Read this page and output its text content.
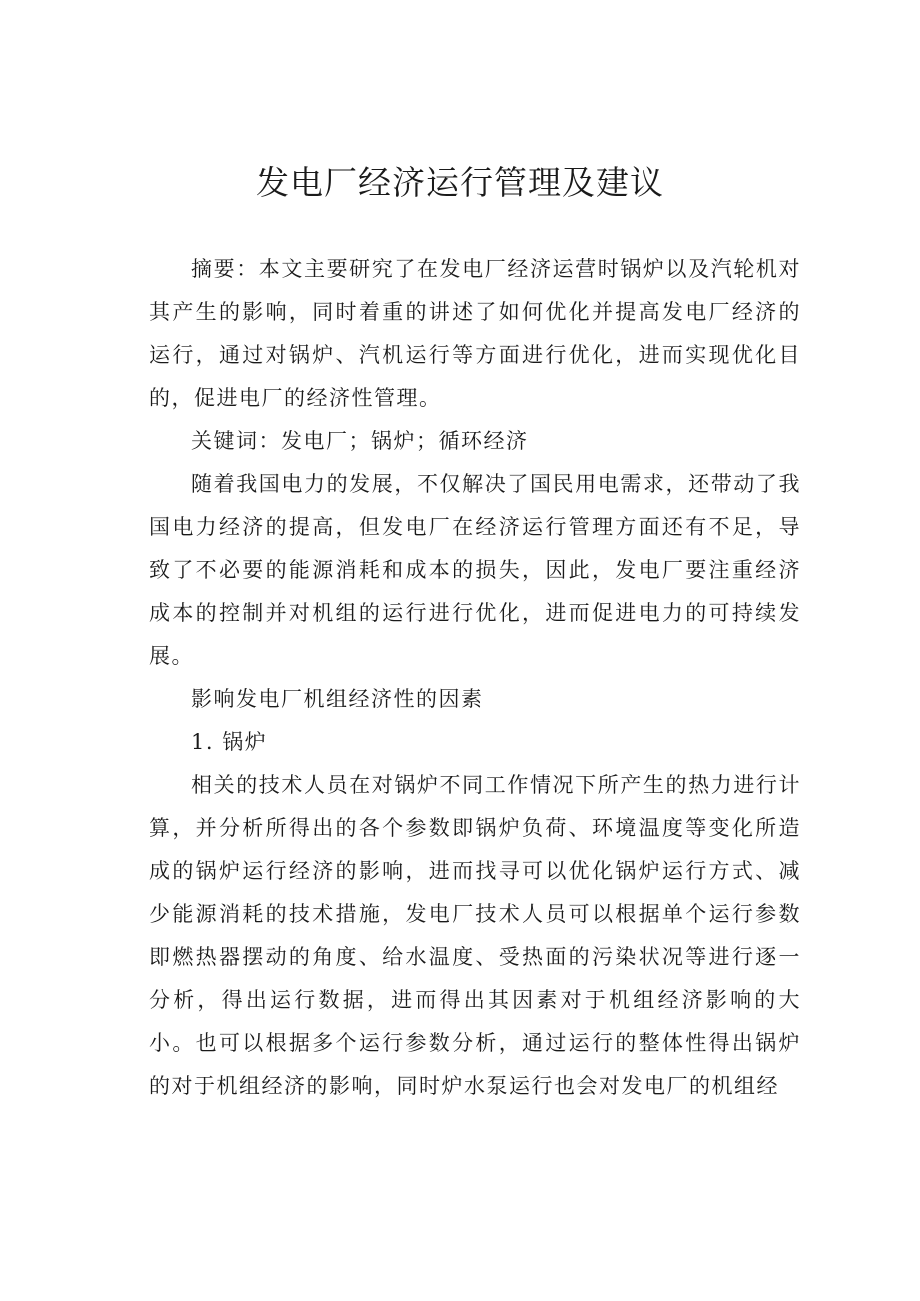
发电厂经济运行管理及建议

摘要：本文主要研究了在发电厂经济运营时锅炉以及汽轮机对其产生的影响，同时着重的讲述了如何优化并提高发电厂经济的运行，通过对锅炉、汽机运行等方面进行优化，进而实现优化目的，促进电厂的经济性管理。

关键词：发电厂；锅炉；循环经济

随着我国电力的发展，不仅解决了国民用电需求，还带动了我国电力经济的提高，但发电厂在经济运行管理方面还有不足，导致了不必要的能源消耗和成本的损失，因此，发电厂要注重经济成本的控制并对机组的运行进行优化，进而促进电力的可持续发展。

影响发电厂机组经济性的因素

1. 锅炉

相关的技术人员在对锅炉不同工作情况下所产生的热力进行计算，并分析所得出的各个参数即锅炉负荷、环境温度等变化所造成的锅炉运行经济的影响，进而找寻可以优化锅炉运行方式、减少能源消耗的技术措施，发电厂技术人员可以根据单个运行参数即燃热器摆动的角度、给水温度、受热面的污染状况等进行逐一分析，得出运行数据，进而得出其因素对于机组经济影响的大小。也可以根据多个运行参数分析，通过运行的整体性得出锅炉的对于机组经济的影响，同时炉水泵运行也会对发电厂的机组经
